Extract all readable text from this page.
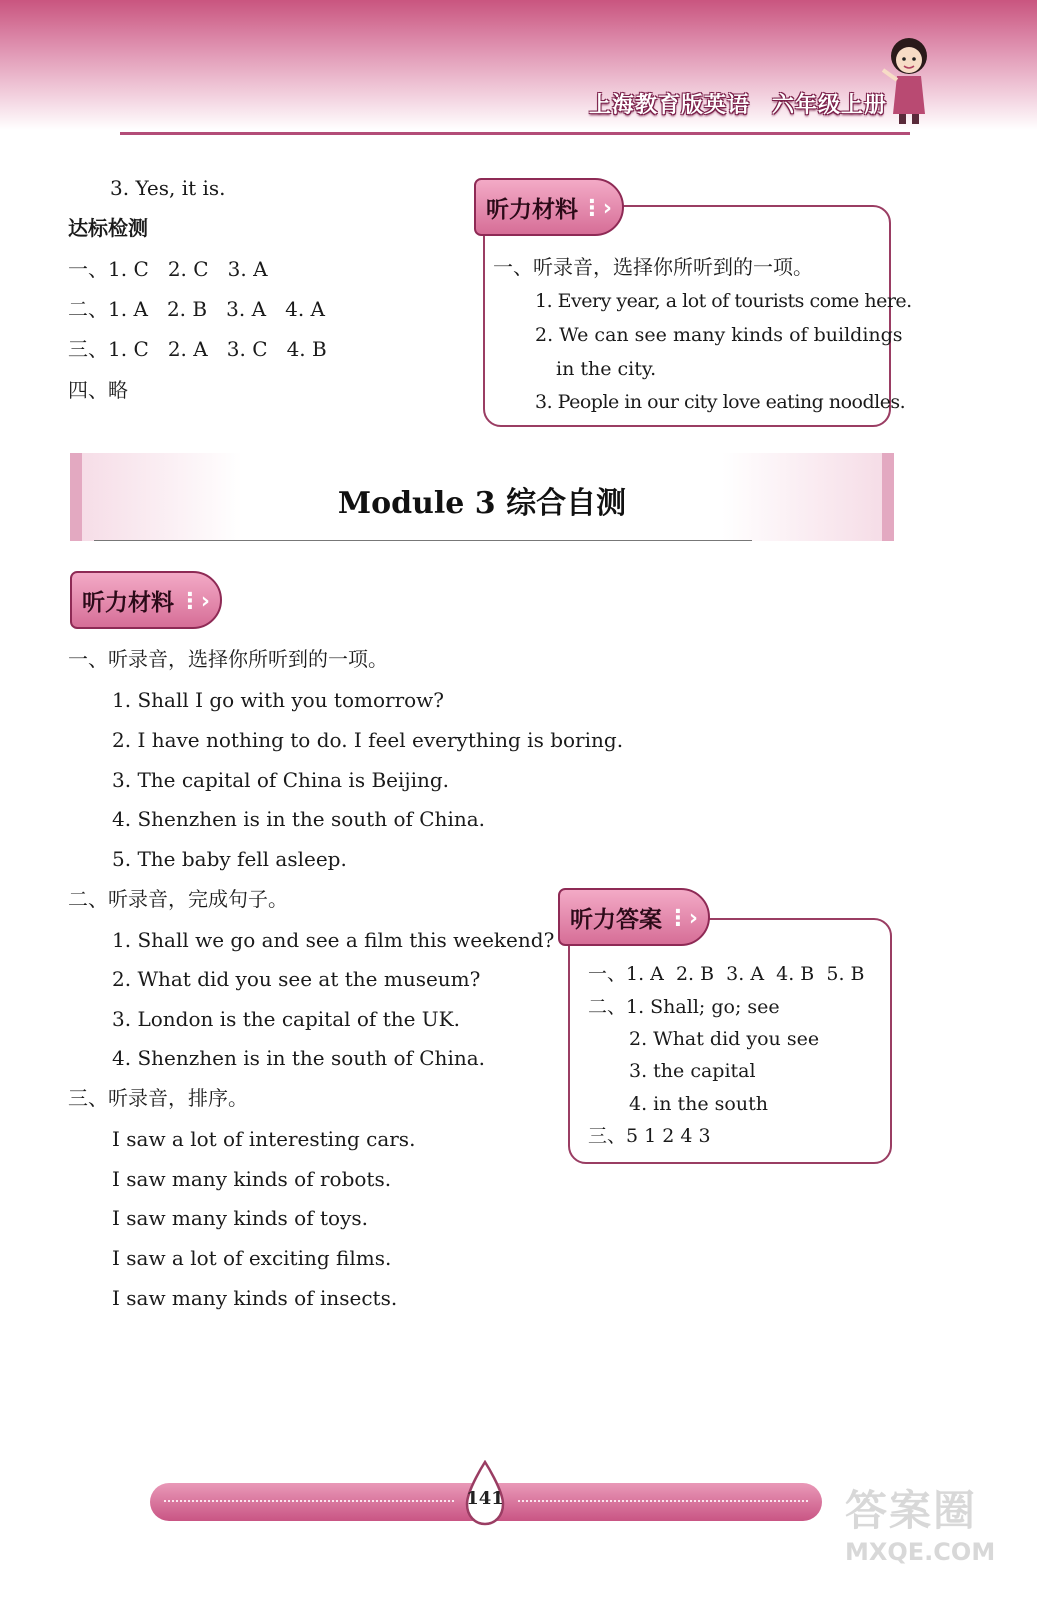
上海教育版英语 六年级上册
3. Yes, it is.
达标检测
一、1. C   2. C   3. A
二、1. A   2. B   3. A   4. A
三、1. C   2. A   3. C   4. B
四、略
听力材料 ⋮›
一、听录音，选择你所听到的一项。
1. Every year, a lot of tourists come here.
2. We can see many kinds of buildings
in the city.
3. People in our city love eating noodles.
Module 3 综合自测
听力材料 ⋮›
一、听录音，选择你所听到的一项。
1. Shall I go with you tomorrow?
2. I have nothing to do. I feel everything is boring.
3. The capital of China is Beijing.
4. Shenzhen is in the south of China.
5. The baby fell asleep.
二、听录音，完成句子。
1. Shall we go and see a film this weekend?
2. What did you see at the museum?
3. London is the capital of the UK.
4. Shenzhen is in the south of China.
三、听录音，排序。
I saw a lot of interesting cars.
I saw many kinds of robots.
I saw many kinds of toys.
I saw a lot of exciting films.
I saw many kinds of insects.
听力答案 ⋮›
一、1. A  2. B  3. A  4. B  5. B
二、1. Shall; go; see
2. What did you see
3. the capital
4. in the south
三、5 1 2 4 3
141	答案圈
MXQE.COM
